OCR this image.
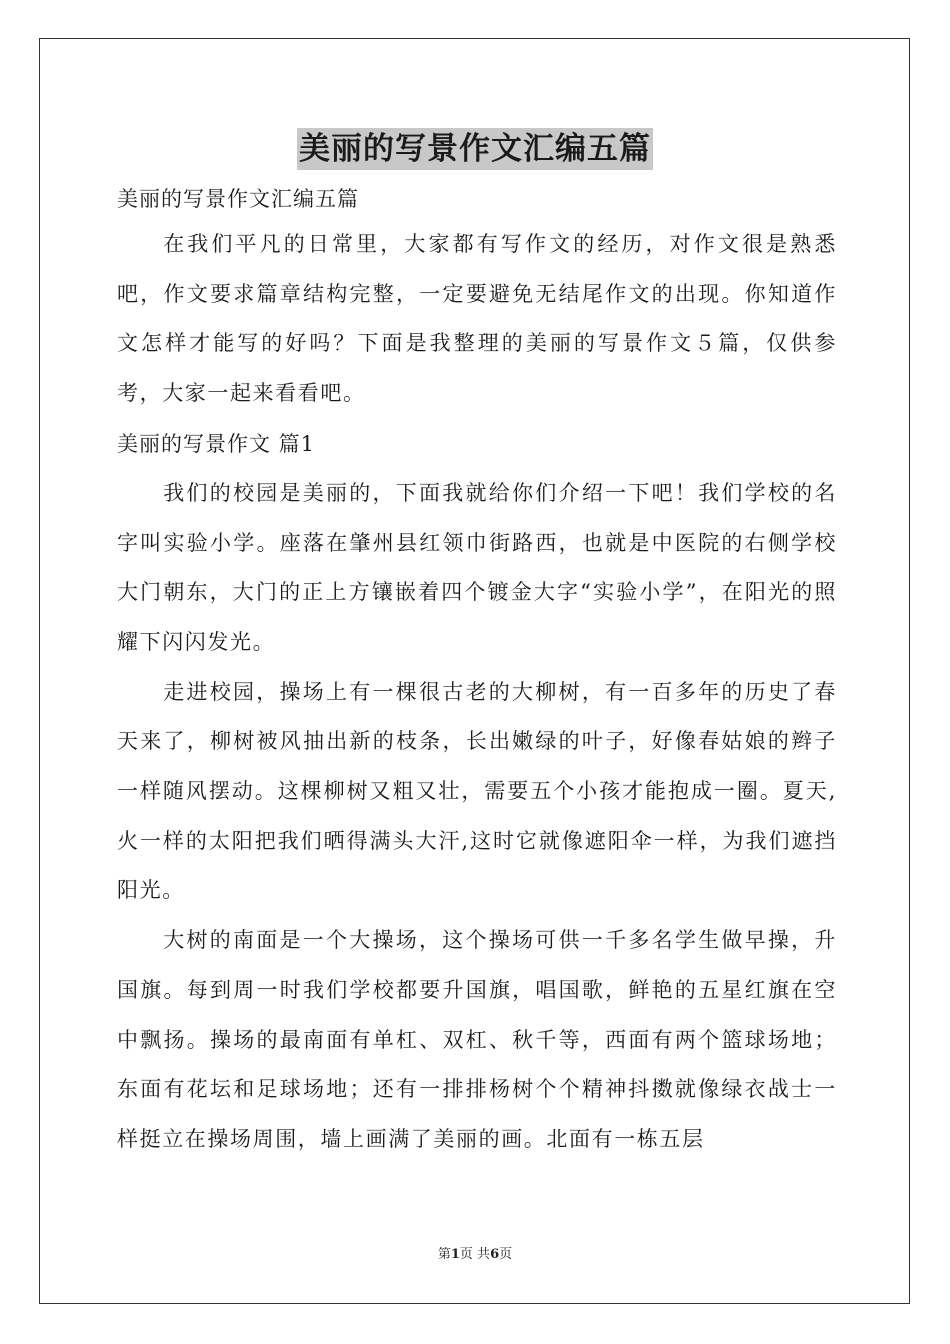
美丽的写景作文汇编五篇

美丽的写景作文汇编五篇

在我们平凡的日常里，大家都有写作文的经历，对作文很是熟悉吧，作文要求篇章结构完整，一定要避免无结尾作文的出现。你知道作文怎样才能写的好吗？下面是我整理的美丽的写景作文５篇，仅供参考，大家一起来看看吧。

美丽的写景作文 篇1

我们的校园是美丽的，下面我就给你们介绍一下吧！我们学校的名字叫实验小学。座落在肇州县红领巾街路西，也就是中医院的右侧学校大门朝东，大门的正上方镶嵌着四个镀金大字“实验小学”，在阳光的照耀下闪闪发光。

走进校园，操场上有一棵很古老的大柳树，有一百多年的历史了春天来了，柳树被风抽出新的枝条，长出嫩绿的叶子，好像春姑娘的辫子一样随风摆动。这棵柳树又粗又壮，需要五个小孩才能抱成一圈。夏天,火一样的太阳把我们晒得满头大汗,这时它就像遮阳伞一样，为我们遮挡阳光。

大树的南面是一个大操场，这个操场可供一千多名学生做早操，升国旗。每到周一时我们学校都要升国旗，唱国歌，鲜艳的五星红旗在空中飘扬。操场的最南面有单杠、双杠、秋千等，西面有两个篮球场地；东面有花坛和足球场地；还有一排排杨树个个精神抖擞就像绿衣战士一样挺立在操场周围，墙上画满了美丽的画。北面有一栋五层

第1页 共6页
